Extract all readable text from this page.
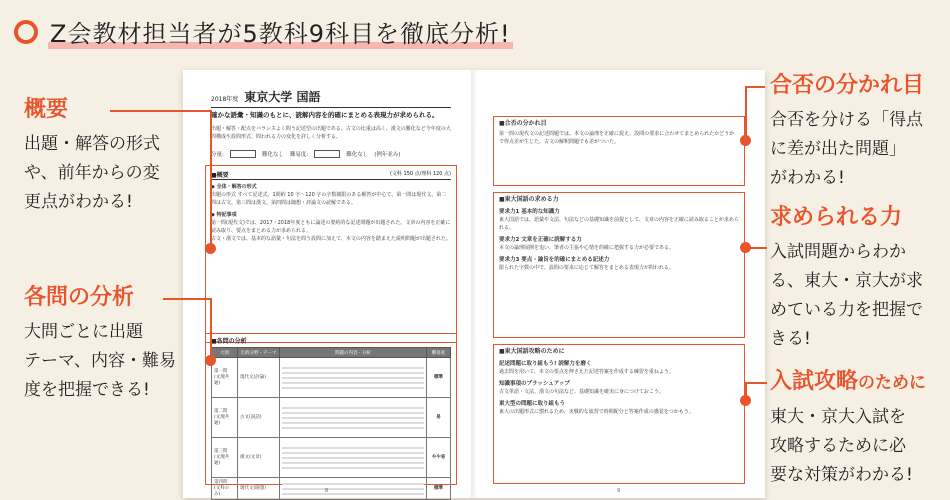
Z会教材担当者が5教科9科目を徹底分析!
概要
出題・解答の形式
や、前年からの変
更点がわかる!
各問の分析
大問ごとに出題
テーマ、内容・難易
度を把握できる!
合否の分かれ目
合否を分ける「得点
に差が出た問題」
がわかる!
求められる力
入試問題からわか
る、東大・京大が求
めている力を把握で
きる!
入試攻略のために
東大・京大入試を
攻略するために必
要な対策がわかる!
2018年度 東京大学 国語
確かな語彙・知識のもとに、読解内容を的確にまとめる表現力が求められる。
出題・解答・配点をバランスよく問う記述型の出題である。古文の比重は高く、漢文の難化など今年度の大問構成や設問形式、問われる力の変化を詳しく分析する。
分量:	難化なし 難易度:	難化なし (例年並み)
■概要	(文科 150 点/理科 120 点)
◆ 全体・解答の形式
出題の形式 すべて記述式。1問約 10 字〜120 字の字数制限のある解答が中心で、第一問は現代文、第二問は古文、第三問は漢文、第四問は随想・評論文の読解である。
◆ 特記事項
第一問(現代文)では、2017・2018年度ともに論述の要約的な記述問題が出題された。文章の内容を正確に読み取り、要点をまとめる力が求められる。
古文・漢文では、基本的な語彙・句法を問う設問に加えて、本文の内容を踏まえた説明問題が出題された。
■各問の分析
大問	出典分野・テーマ	問題の内容・分析	難易度

第一問
(文理共通)	現代文(評論)		標準

第二問
(文理共通)	古文(説話)		易

第三問
(文理共通)	漢文(文章)		やや易

第四問
(文科のみ)	現代文(随想)		標準
8
■合否の分かれ目
第一問の現代文の記述問題では、本文の論理を正確に捉え、設問の要求に合わせてまとめられたかどうかで得点差が生じた。古文の解釈問題でも差がついた。
■東大国語の求める力
要求力1 基本的な知識力
東大国語では、語彙や文法、句法などの基礎知識を前提として、文章の内容を正確に読み取ることが求められる。
要求力2 文章を正確に読解する力
本文の論理展開を追い、筆者の主張や心情を的確に把握する力が必要である。
要求力3 要点・論旨を的確にまとめる記述力
限られた字数の中で、設問の要求に応じて解答をまとめる表現力が問われる。
■東大国語攻略のために
記述問題に取り組もう! 読解力を磨く
過去問を用いて、本文の要点を押さえた記述答案を作成する練習を重ねよう。
知識事項のブラッシュアップ
古文単語・文法、漢文の句法など、基礎知識を確実に身につけておこう。
東大型の問題に取り組もう
東大の出題形式に慣れるため、実戦的な演習で時間配分と答案作成の感覚をつかもう。
9
